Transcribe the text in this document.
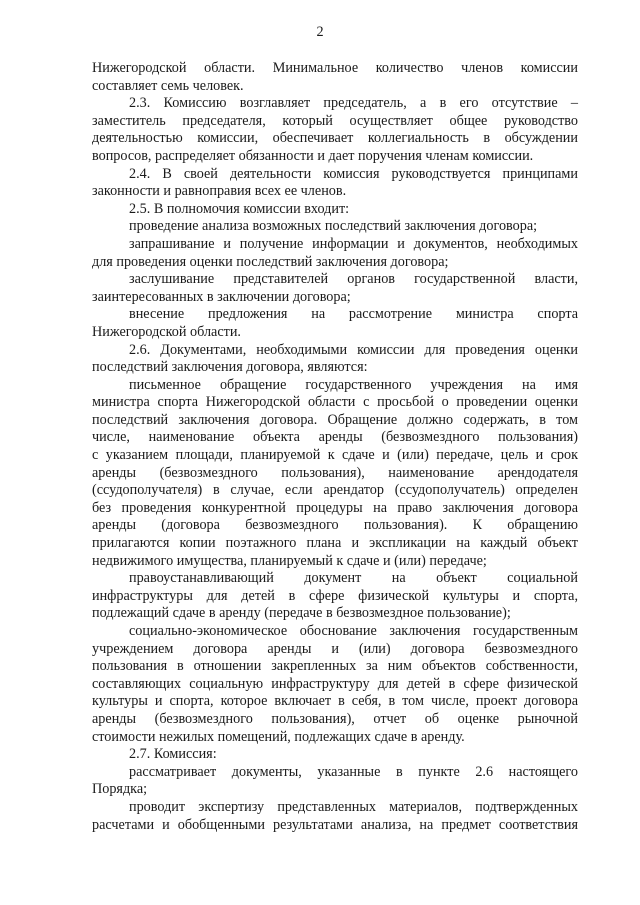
2
Нижегородской области. Минимальное количество членов комиссии
составляет семь человек.
2.3. Комиссию возглавляет председатель, а в его отсутствие –
заместитель председателя, который осуществляет общее руководство
деятельностью комиссии, обеспечивает коллегиальность в обсуждении
вопросов, распределяет обязанности и дает поручения членам комиссии.
2.4. В своей деятельности комиссия руководствуется принципами
законности и равноправия всех ее членов.
2.5. В полномочия комиссии входит:
проведение анализа возможных последствий заключения договора;
запрашивание и получение информации и документов, необходимых
для проведения оценки последствий заключения договора;
заслушивание представителей органов государственной власти,
заинтересованных в заключении договора;
внесение предложения на рассмотрение министра спорта
Нижегородской области.
2.6. Документами, необходимыми комиссии для проведения оценки
последствий заключения договора, являются:
письменное обращение государственного учреждения на имя
министра спорта Нижегородской области с просьбой о проведении оценки
последствий заключения договора. Обращение должно содержать, в том
числе, наименование объекта аренды (безвозмездного пользования)
с указанием площади, планируемой к сдаче и (или) передаче, цель и срок
аренды (безвозмездного пользования), наименование арендодателя
(ссудополучателя) в случае, если арендатор (ссудополучатель) определен
без проведения конкурентной процедуры на право заключения договора
аренды (договора безвозмездного пользования). К обращению
прилагаются копии поэтажного плана и экспликации на каждый объект
недвижимого имущества, планируемый к сдаче и (или) передаче;
правоустанавливающий документ на объект социальной
инфраструктуры для детей в сфере физической культуры и спорта,
подлежащий сдаче в аренду (передаче в безвозмездное пользование);
социально-экономическое обоснование заключения государственным
учреждением договора аренды и (или) договора безвозмездного
пользования в отношении закрепленных за ним объектов собственности,
составляющих социальную инфраструктуру для детей в сфере физической
культуры и спорта, которое включает в себя, в том числе, проект договора
аренды (безвозмездного пользования), отчет об оценке рыночной
стоимости нежилых помещений, подлежащих сдаче в аренду.
2.7. Комиссия:
рассматривает документы, указанные в пункте 2.6 настоящего
Порядка;
проводит экспертизу представленных материалов, подтвержденных
расчетами и обобщенными результатами анализа, на предмет соответствия
